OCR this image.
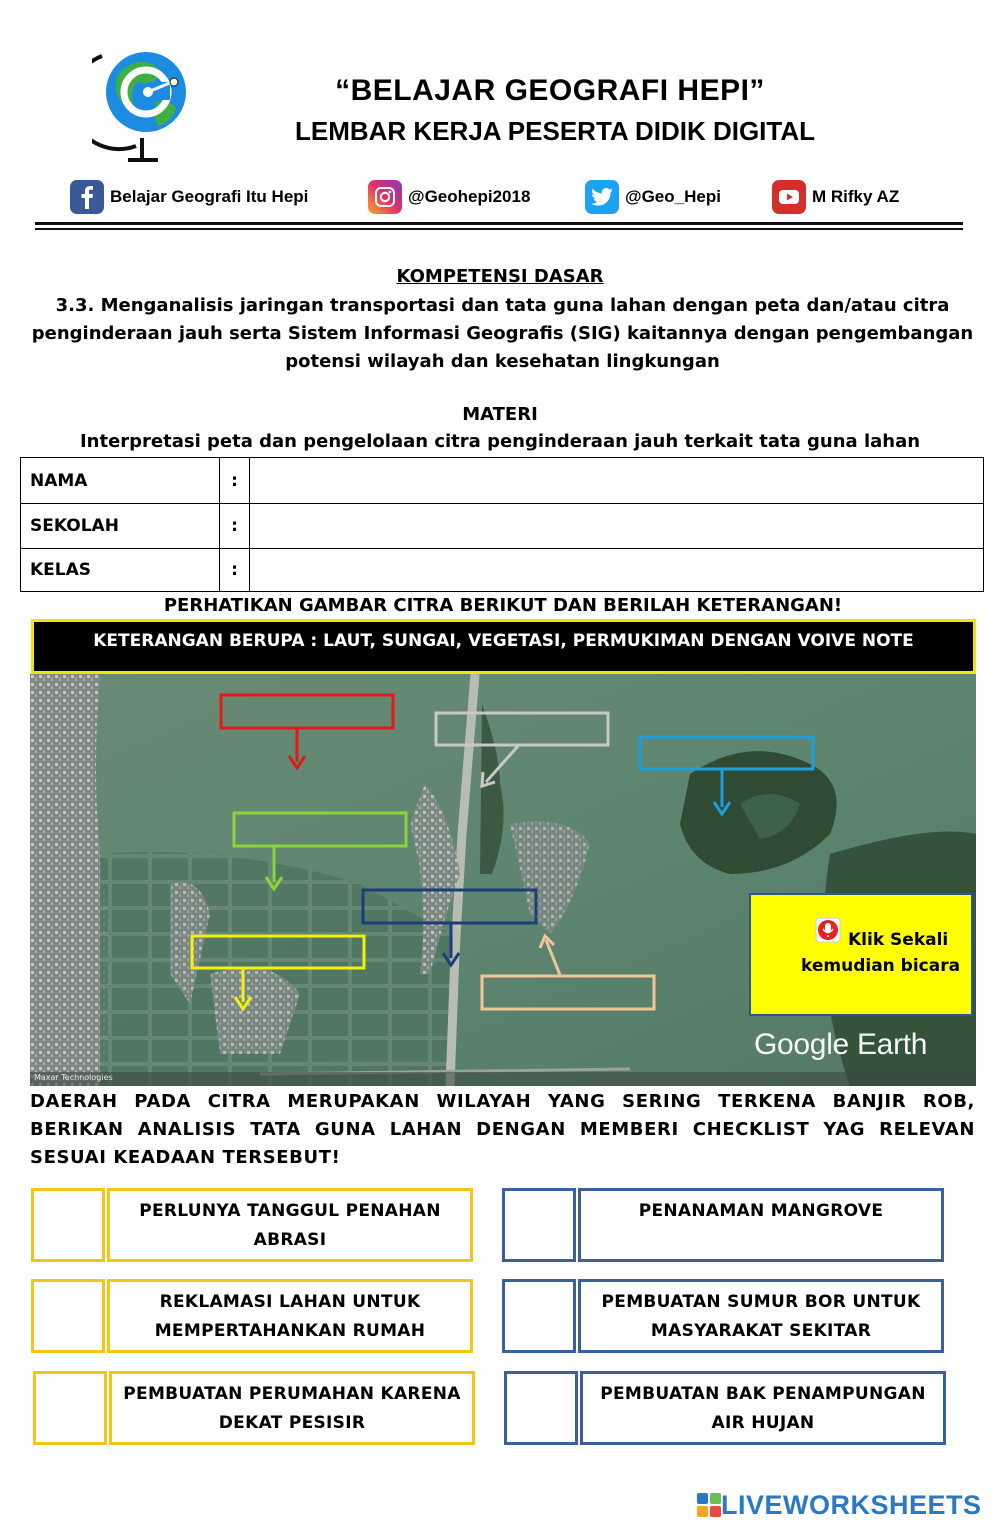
“BELAJAR GEOGRAFI HEPI”
LEMBAR KERJA PESERTA DIDIK DIGITAL
Belajar Geografi Itu Hepi	@Geohepi2018	@Geo_Hepi	M Rifky AZ
KOMPETENSI DASAR
3.3. Menganalisis jaringan transportasi dan tata guna lahan dengan peta dan/atau citra penginderaan jauh serta Sistem Informasi Geografis (SIG) kaitannya dengan pengembangan potensi wilayah dan kesehatan lingkungan
MATERI
Interpretasi peta dan pengelolaan citra penginderaan jauh terkait tata guna lahan
NAMA	:	
SEKOLAH	:	
KELAS	:	
PERHATIKAN GAMBAR CITRA BERIKUT DAN BERILAH KETERANGAN!
KETERANGAN BERUPA : LAUT, SUNGAI, VEGETASI, PERMUKIMAN DENGAN VOIVE NOTE
Google Earth
Maxar Technologies
Klik Sekali
kemudian bicara
DAERAH PADA CITRA MERUPAKAN WILAYAH YANG SERING TERKENA BANJIR ROB, BERIKAN ANALISIS TATA GUNA LAHAN DENGAN MEMBERI CHECKLIST YAG RELEVAN SESUAI KEADAAN TERSEBUT!
PERLUNYA TANGGUL PENAHAN ABRASI
REKLAMASI LAHAN UNTUK MEMPERTAHANKAN RUMAH
PEMBUATAN PERUMAHAN KARENA DEKAT PESISIR
PENANAMAN MANGROVE
PEMBUATAN SUMUR BOR UNTUK MASYARAKAT SEKITAR
PEMBUATAN BAK PENAMPUNGAN AIR HUJAN
LIVEWORKSHEETS
